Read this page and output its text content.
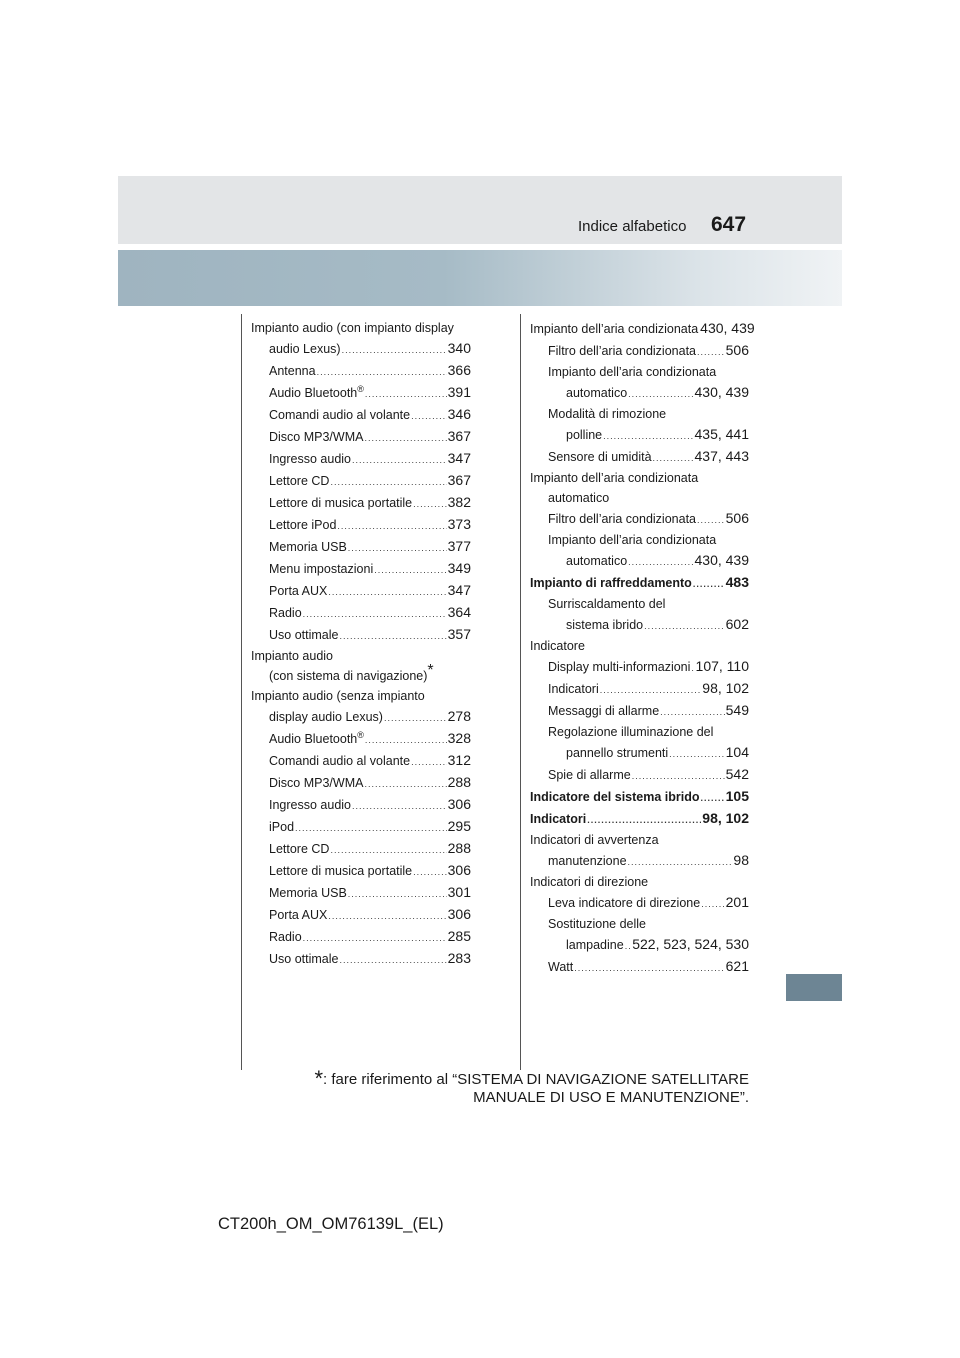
Indice alfabetico 647
Impianto audio (con impianto display
audio Lexus) .....	340
Antenna .....	366
Audio Bluetooth® .....	391
Comandi audio al volante .....	346
Disco MP3/WMA .....	367
Ingresso audio .....	347
Lettore CD .....	367
Lettore di musica portatile .....	382
Lettore iPod .....	373
Memoria USB .....	377
Menu impostazioni .....	349
Porta AUX .....	347
Radio .....	364
Uso ottimale .....	357
Impianto audio
(con sistema di navigazione)*
Impianto audio (senza impianto
display audio Lexus) .....	278
Audio Bluetooth® .....	328
Comandi audio al volante .....	312
Disco MP3/WMA .....	288
Ingresso audio .....	306
iPod .....	295
Lettore CD .....	288
Lettore di musica portatile .....	306
Memoria USB .....	301
Porta AUX .....	306
Radio .....	285
Uso ottimale .....	283
Impianto dell’aria condizionata 430, 439
Filtro dell’aria condizionata ..... 506
Impianto dell’aria condizionata
automatico .....	430, 439
Modalità di rimozione
polline .....	435, 441
Sensore di umidità .....	437, 443
Impianto dell’aria condizionata
automatico
Filtro dell’aria condizionata ..... 506
Impianto dell’aria condizionata
automatico .....	430, 439
Impianto di raffreddamento ..... 483
Surriscaldamento del
sistema ibrido .....	602
Indicatore
Display multi-informazioni ..... 107, 110
Indicatori .....	98, 102
Messaggi di allarme .....	549
Regolazione illuminazione del
pannello strumenti .....	104
Spie di allarme .....	542
Indicatore del sistema ibrido ..... 105
Indicatori .....	98, 102
Indicatori di avvertenza
manutenzione .....	98
Indicatori di direzione
Leva indicatore di direzione ..... 201
Sostituzione delle
lampadine ..... 522, 523, 524, 530
Watt .....	621
*: fare riferimento al “SISTEMA DI NAVIGAZIONE SATELLITARE
MANUALE DI USO E MANUTENZIONE”.
CT200h_OM_OM76139L_(EL)
